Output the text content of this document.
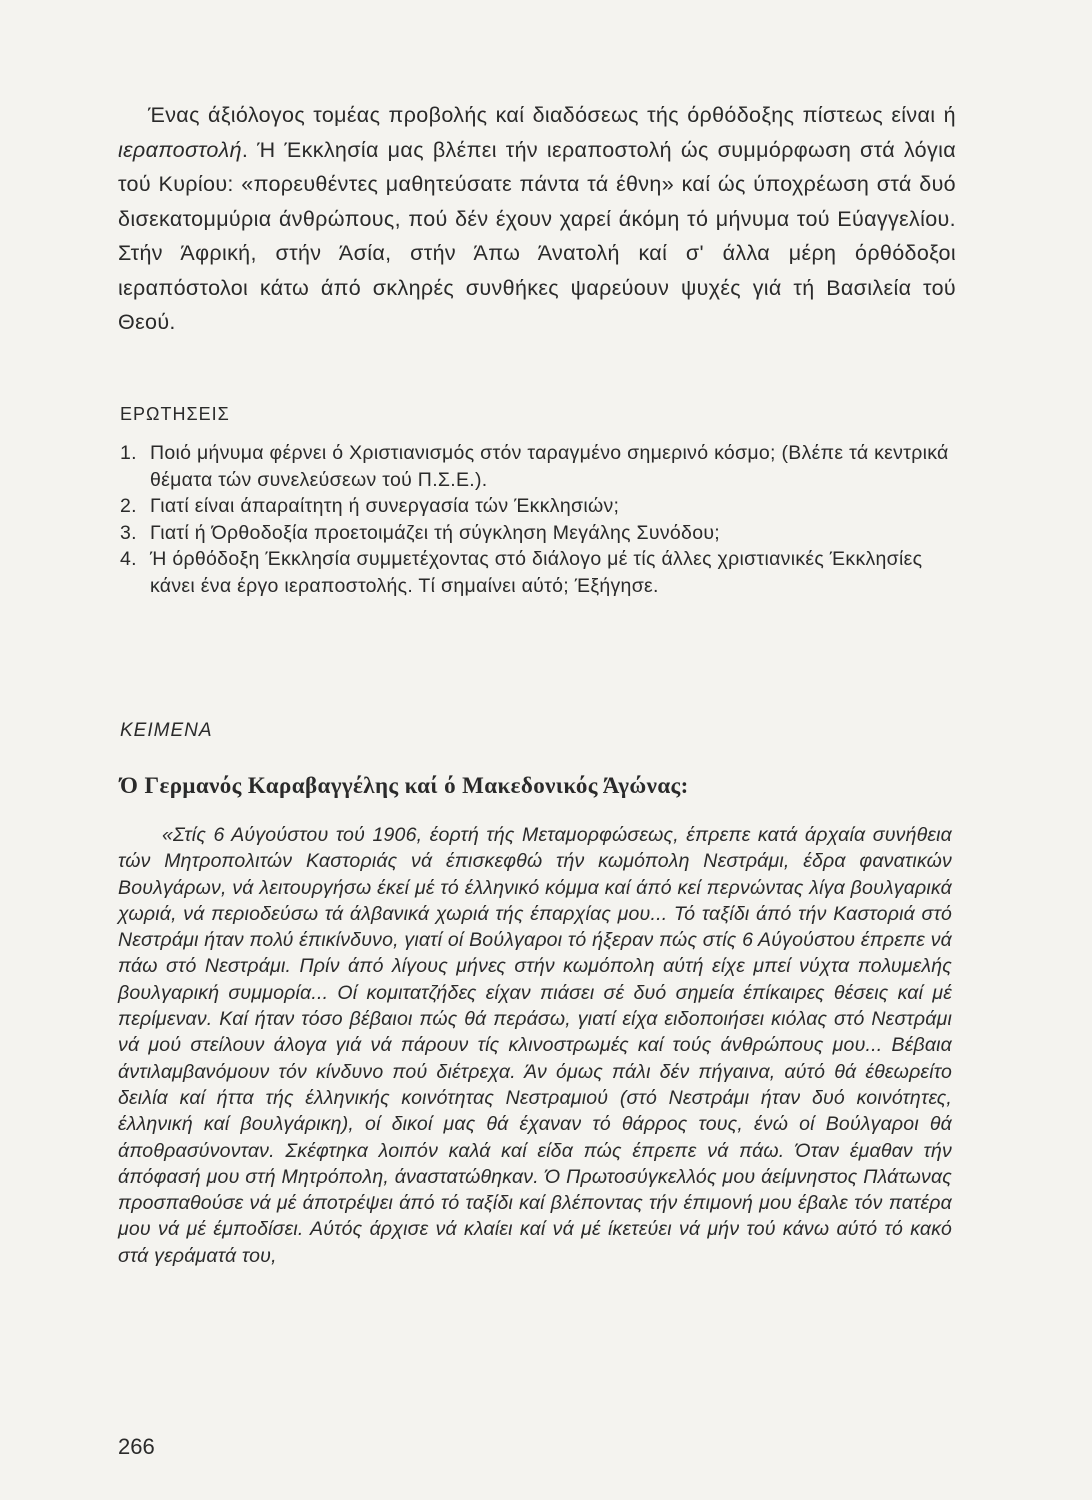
Ένας άξιόλογος τομέας προβολής καί διαδόσεως τής όρθόδοξης πίστεως είναι ή ιεραποστολή. Ή Έκκλησία μας βλέπει τήν ιεραποστολή ώς συμμόρφωση στά λόγια τού Κυρίου: «πορευθέντες μαθητεύσατε πάντα τά έθνη» καί ώς ύποχρέωση στά δυό δισεκατομμύρια άνθρώπους, πού δέν έχουν χαρεί άκόμη τό μήνυμα τού Εύαγγελίου. Στήν Άφρική, στήν Άσία, στήν Άπω Άνατολή καί σ' άλλα μέρη όρθόδοξοι ιεραπόστολοι κάτω άπό σκληρές συνθήκες ψαρεύουν ψυχές γιά τή Βασιλεία τού Θεού.

ΕΡΩΤΗΣΕΙΣ
1. Ποιό μήνυμα φέρνει ό Χριστιανισμός στόν ταραγμένο σημερινό κόσμο; (Βλέπε τά κεντρικά θέματα τών συνελεύσεων τού Π.Σ.Ε.).
2. Γιατί είναι άπαραίτητη ή συνεργασία τών Έκκλησιών;
3. Γιατί ή Όρθοδοξία προετοιμάζει τή σύγκληση Μεγάλης Συνόδου;
4. Ή όρθόδοξη Έκκλησία συμμετέχοντας στό διάλογο μέ τίς άλλες χριστιανικές Έκκλησίες κάνει ένα έργο ιεραποστολής. Τί σημαίνει αύτό; Έξήγησε.
ΚΕΙΜΕΝΑ
Ό Γερμανός Καραβαγγέλης καί ό Μακεδονικός Άγώνας:

«Στίς 6 Αύγούστου τού 1906, έορτή τής Μεταμορφώσεως, έπρεπε κατά άρχαία συνήθεια τών Μητροπολιτών Καστοριάς νά έπισκεφθώ τήν κωμόπολη Νεστράμι, έδρα φανατικών Βουλγάρων, νά λειτουργήσω έκεί μέ τό έλληνικό κόμμα καί άπό κεί περνώντας λίγα βουλγαρικά χωριά, νά περιοδεύσω τά άλβανικά χωριά τής έπαρχίας μου... Τό ταξίδι άπό τήν Καστοριά στό Νεστράμι ήταν πολύ έπικίνδυνο, γιατί οί Βούλγαροι τό ήξεραν πώς στίς 6 Αύγούστου έπρεπε νά πάω στό Νεστράμι. Πρίν άπό λίγους μήνες στήν κωμόπολη αύτή είχε μπεί νύχτα πολυμελής βουλγαρική συμμορία... Οί κομιτατζήδες είχαν πιάσει σέ δυό σημεία έπίκαιρες θέσεις καί μέ περίμεναν. Καί ήταν τόσο βέβαιοι πώς θά περάσω, γιατί είχα ειδοποιήσει κιόλας στό Νεστράμι νά μού στείλουν άλογα γιά νά πάρουν τίς κλινοστρωμές καί τούς άνθρώπους μου... Βέβαια άντιλαμβανόμουν τόν κίνδυνο πού διέτρεχα. Άν όμως πάλι δέν πήγαινα, αύτό θά έθεωρείτο δειλία καί ήττα τής έλληνικής κοινότητας Νεστραμιού (στό Νεστράμι ήταν δυό κοινότητες, έλληνική καί βουλγάρικη), οί δικοί μας θά έχαναν τό θάρρος τους, ένώ οί Βούλγαροι θά άποθρασύνονταν. Σκέφτηκα λοιπόν καλά καί είδα πώς έπρεπε νά πάω. Όταν έμαθαν τήν άπόφασή μου στή Μητρόπολη, άναστατώθηκαν. Ό Πρωτοσύγκελλός μου άείμνηστος Πλάτωνας προσπαθούσε νά μέ άποτρέψει άπό τό ταξίδι καί βλέποντας τήν έπιμονή μου έβαλε τόν πατέρα μου νά μέ έμποδίσει. Αύτός άρχισε νά κλαίει καί νά μέ ίκετεύει νά μήν τού κάνω αύτό τό κακό στά γεράματά του,

266
